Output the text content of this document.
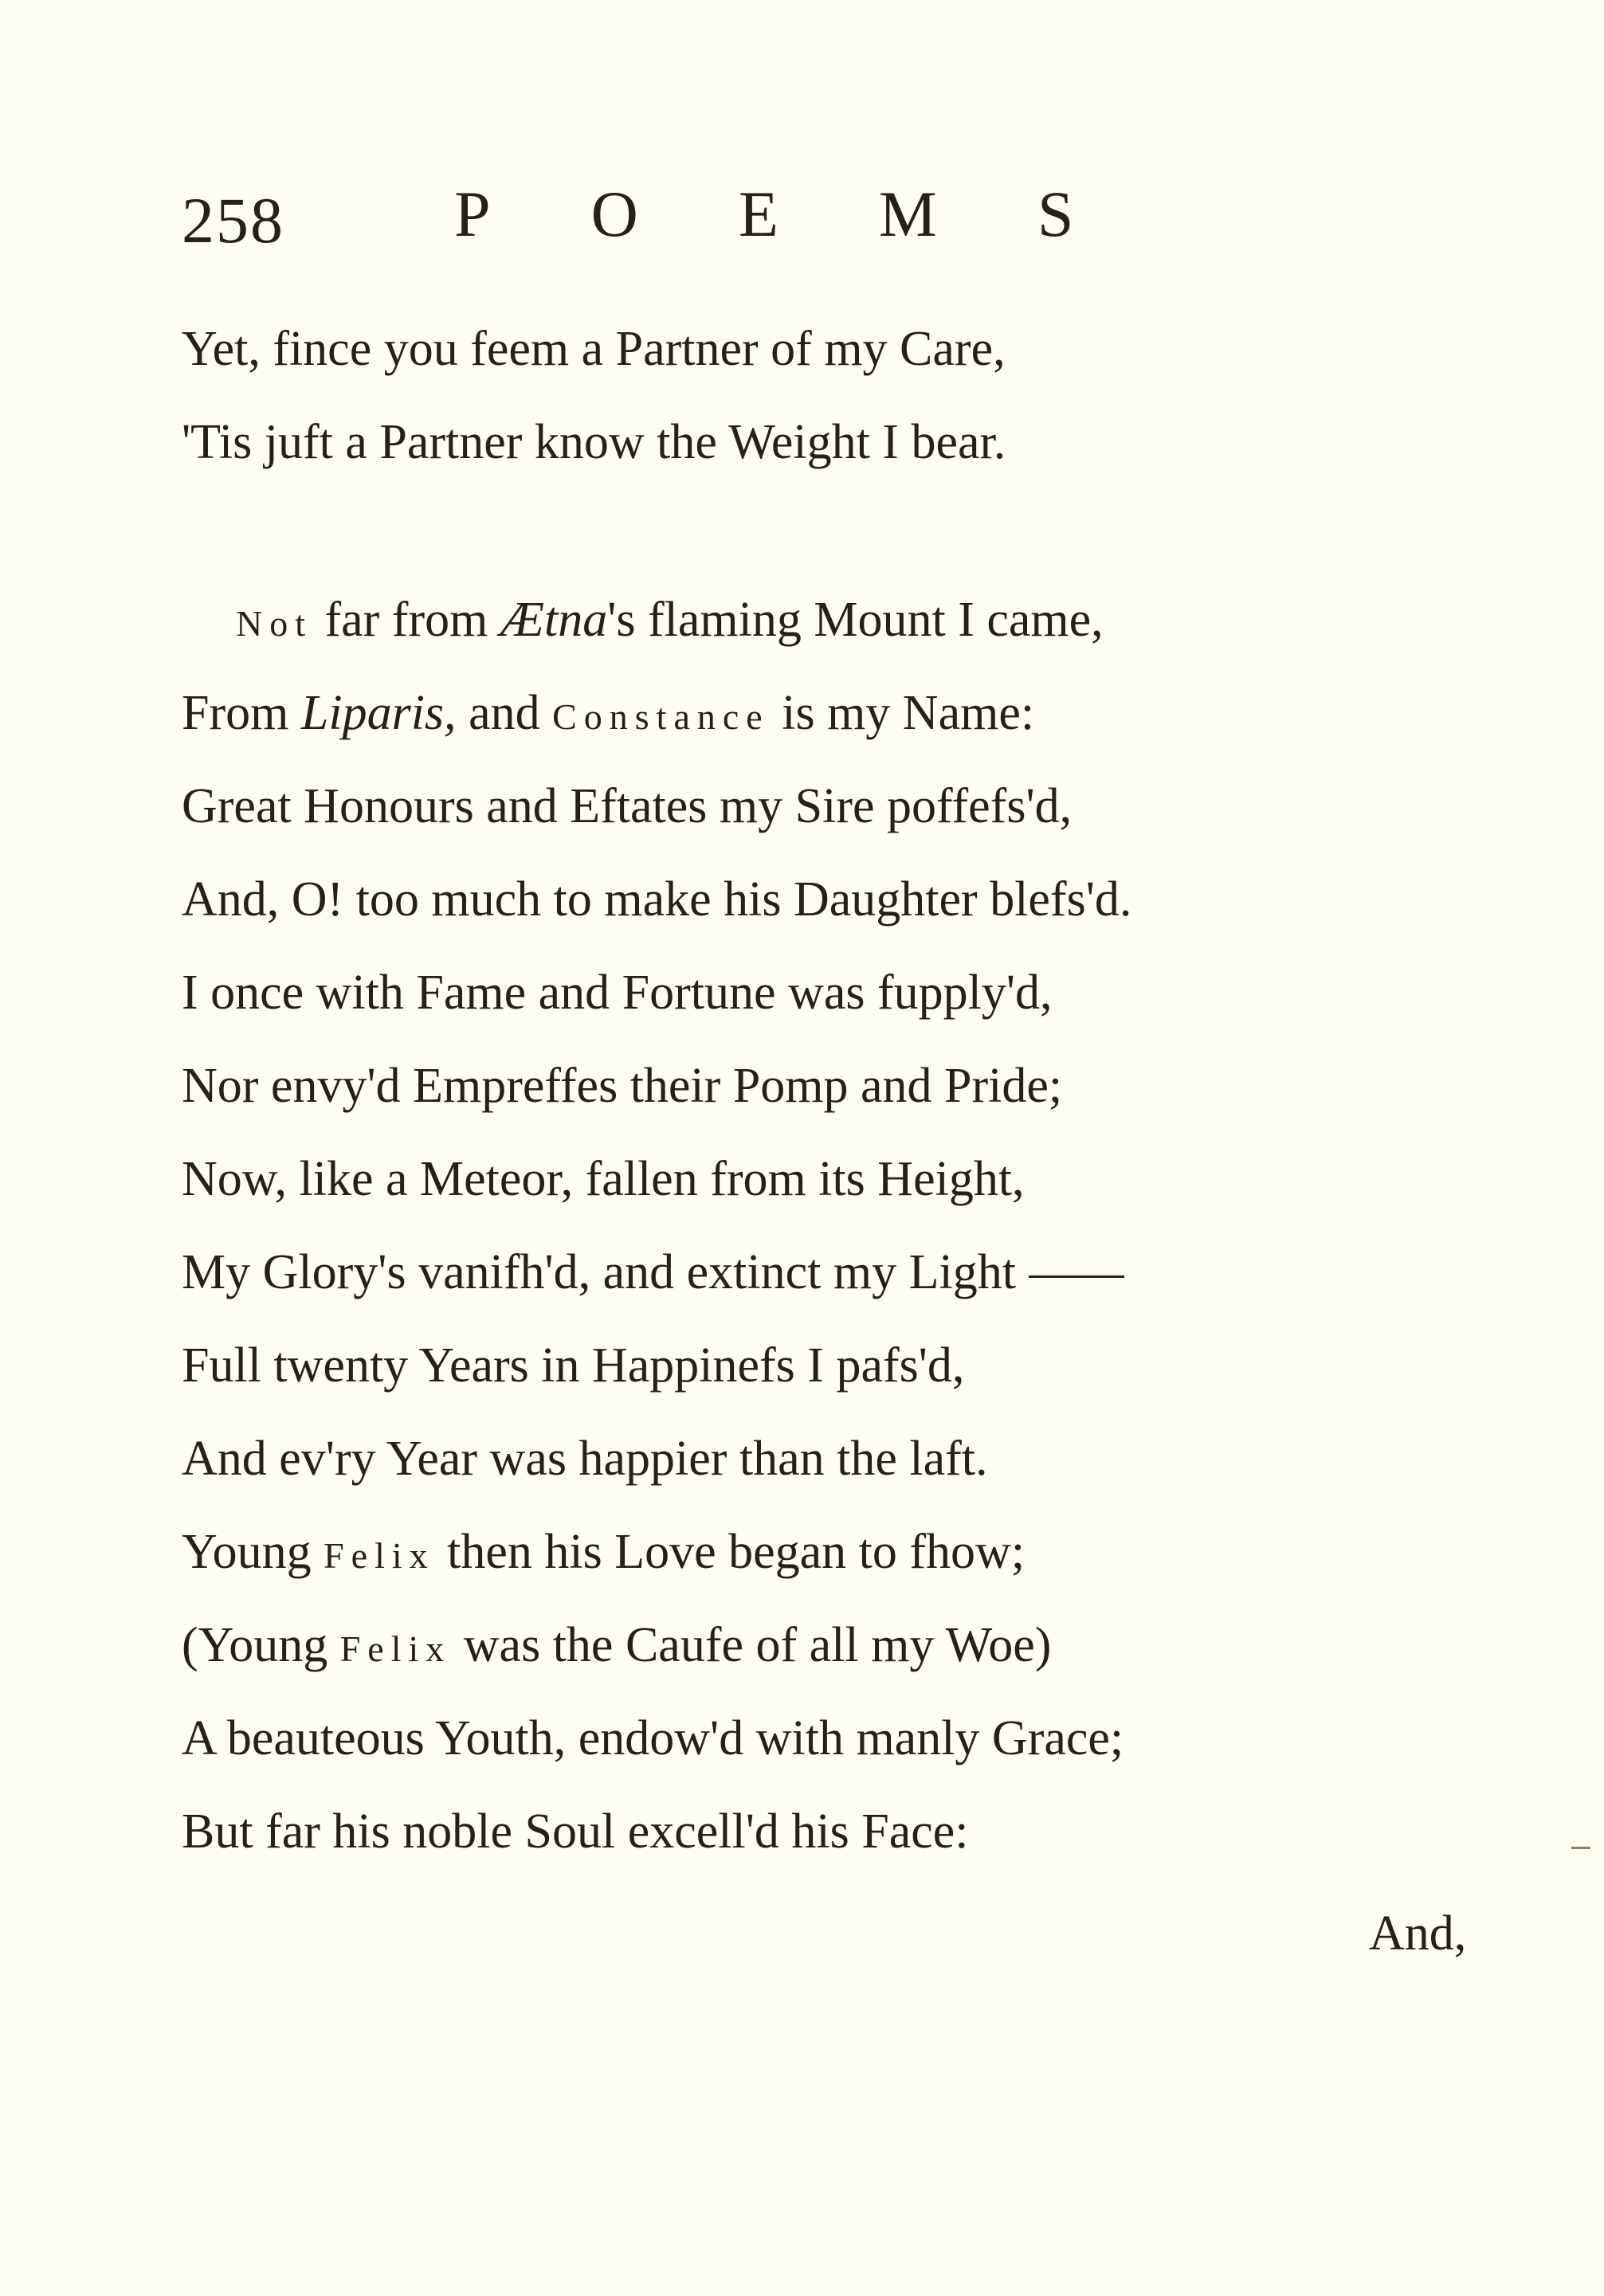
258	POEMS
Yet, fince you feem a Partner of my Care,
'Tis juft a Partner know the Weight I bear.
Not far from Ætna's flaming Mount I came,
From Liparis, and Constance is my Name:
Great Honours and Eftates my Sire poffefs'd,
And, O! too much to make his Daughter blefs'd.
I once with Fame and Fortune was fupply'd,
Nor envy'd Empreffes their Pomp and Pride;
Now, like a Meteor, fallen from its Height,
My Glory's vanifh'd, and extinct my Light
Full twenty Years in Happinefs I pafs'd,
And ev'ry Year was happier than the laft.
Young Felix then his Love began to fhow;
(Young Felix was the Caufe of all my Woe)
A beauteous Youth, endow'd with manly Grace;
But far his noble Soul excell'd his Face:
And,
